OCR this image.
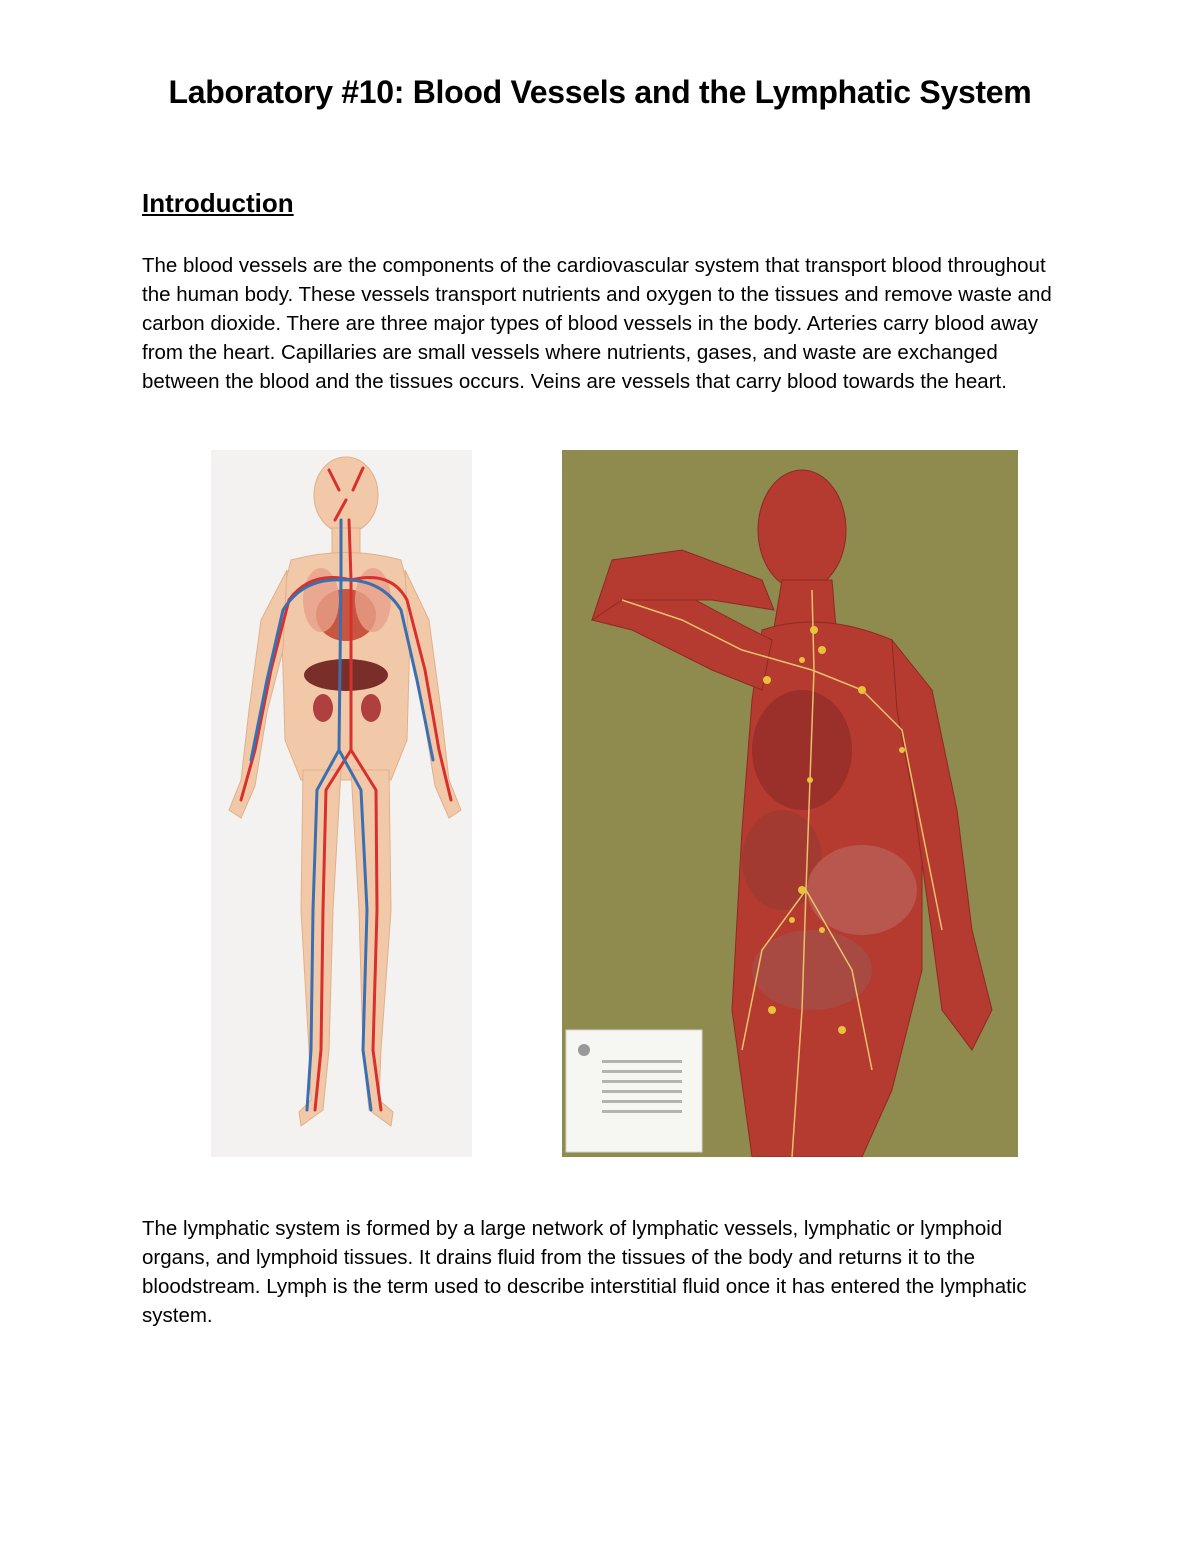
Laboratory #10: Blood Vessels and the Lymphatic System
Introduction
The blood vessels are the components of the cardiovascular system that transport blood throughout the human body. These vessels transport nutrients and oxygen to the tissues and remove waste and carbon dioxide. There are three major types of blood vessels in the body. Arteries carry blood away from the heart. Capillaries are small vessels where nutrients, gases, and waste are exchanged between the blood and the tissues occurs. Veins are vessels that carry blood towards the heart.
The lymphatic system is formed by a large network of lymphatic vessels, lymphatic or lymphoid organs, and lymphoid tissues. It drains fluid from the tissues of the body and returns it to the bloodstream. Lymph is the term used to describe interstitial fluid once it has entered the lymphatic system.
